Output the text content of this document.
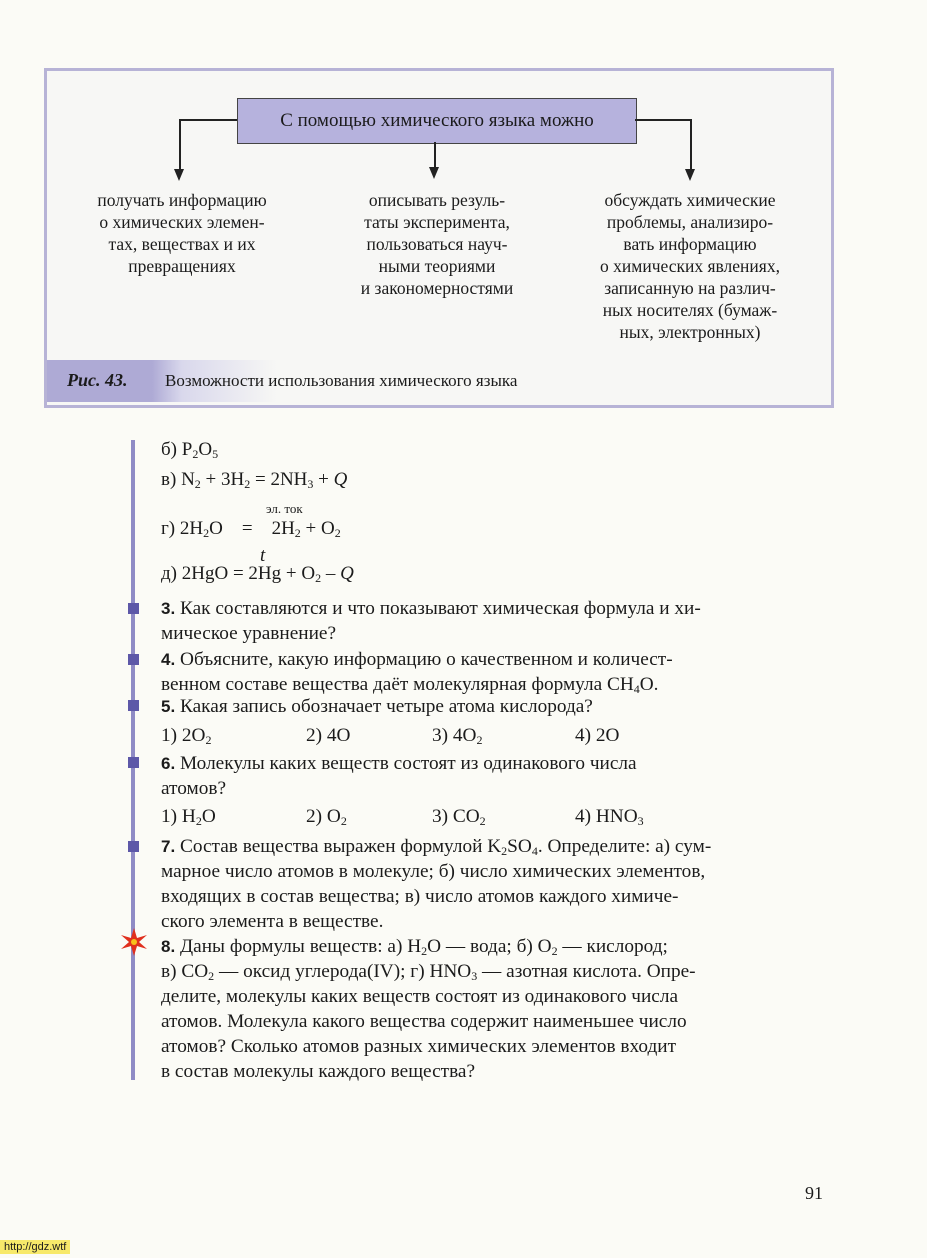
С помощью химического языка можно
получать информацию
о химических элемен-
тах, веществах и их
превращениях
описывать резуль-
таты эксперимента,
пользоваться науч-
ными теориями
и закономерностями
обсуждать химические
проблемы, анализиро-
вать информацию
о химических явлениях,
записанную на различ-
ных носителях (бумаж-
ных, электронных)
Рис. 43. Возможности использования химического языка
б) $P_2O_5$
в) $N_2 + 3H_2 = 2NH_3 + Q$
эл. ток
г) $2H_2O = 2H_2 + O_2$
t
д) $2HgO = 2Hg + O_2 - Q$
3. Как составляются и что показывают химическая формула и хи-
мическое уравнение?
4. Объясните, какую информацию о качественном и количест-
венном составе вещества даёт молекулярная формула $CH_4O$.
5. Какая запись обозначает четыре атома кислорода?
1) $2O_2$	2) 4O	3) $4O_2$	4) 2O
6. Молекулы каких веществ состоят из одинакового числа
атомов?
1) $H_2O$	2) $O_2$	3) $CO_2$	4) $HNO_3$
7. Состав вещества выражен формулой $K_2SO_4$. Определите: а) сум-
марное число атомов в молекуле; б) число химических элементов,
входящих в состав вещества; в) число атомов каждого химиче-
ского элемента в веществе.
8. Даны формулы веществ: а) $H_2O$ — вода; б) $O_2$ — кислород;
в) $CO_2$ — оксид углерода(IV); г) $HNO_3$ — азотная кислота. Опре-
делите, молекулы каких веществ состоят из одинакового числа
атомов. Молекула какого вещества содержит наименьшее число
атомов? Сколько атомов разных химических элементов входит
в состав молекулы каждого вещества?
91
http://gdz.wtf
